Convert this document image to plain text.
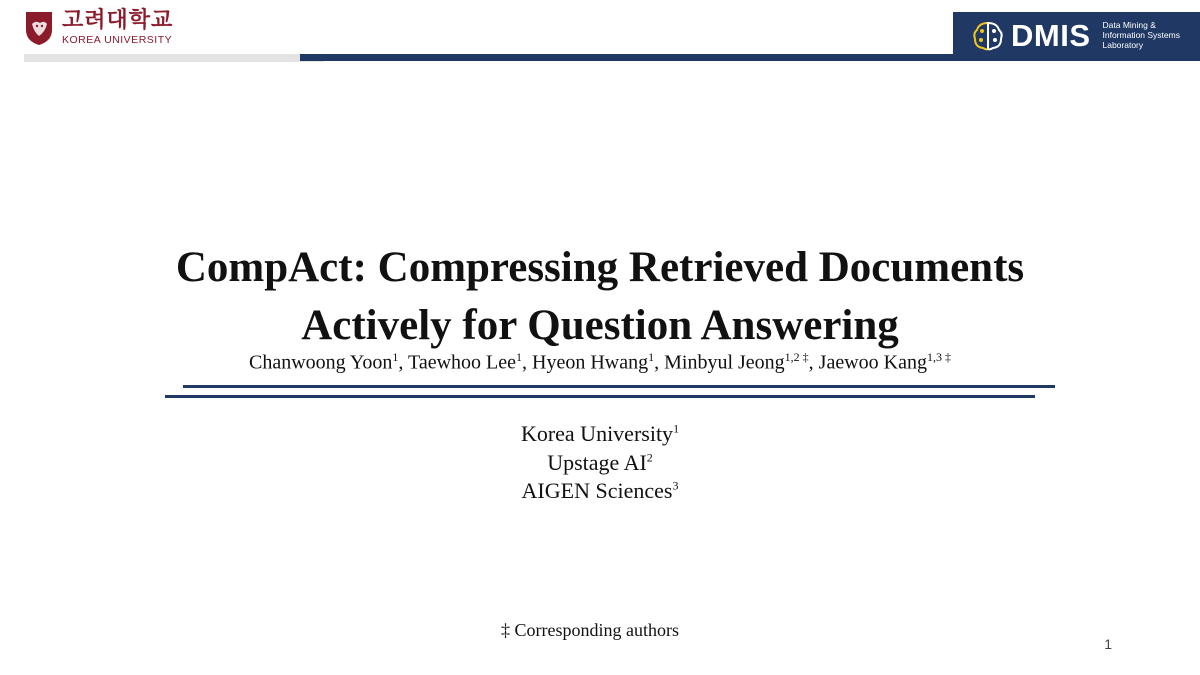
고려대학교
KOREA UNIVERSITY	DMIS Data Mining &
Information Systems
Laboratory
CompAct: Compressing Retrieved Documents
Actively for Question Answering
Chanwoong Yoon$^1$, Taewhoo Lee$^1$, Hyeon Hwang$^1$, Minbyul Jeong$^{1,2 \ddagger}$, Jaewoo Kang$^{1,3 \ddagger}$
Korea University$^1$
Upstage $AI^2$
AIGEN Sciences$^3$
‡ Corresponding authors
1
